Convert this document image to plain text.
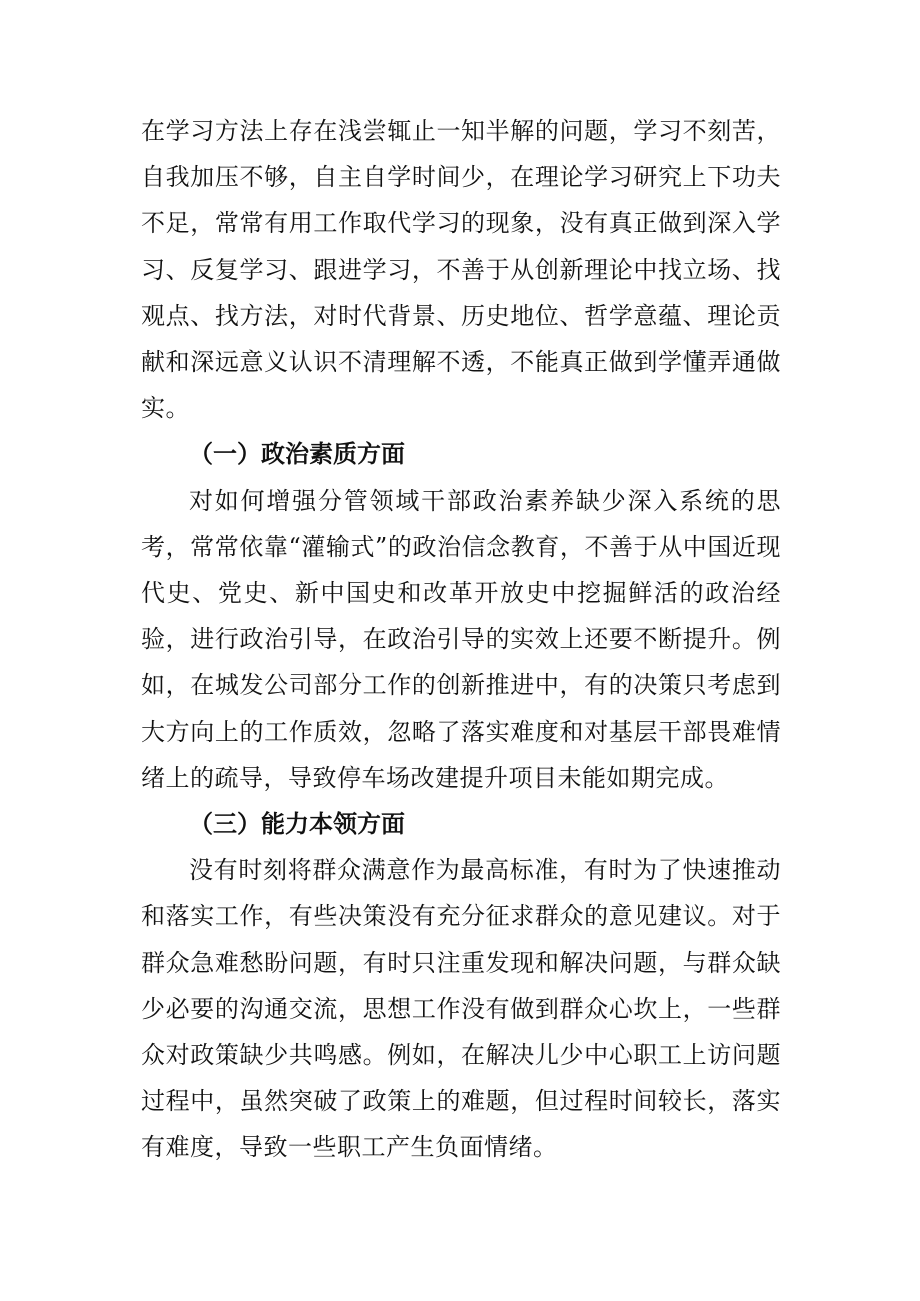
在学习方法上存在浅尝辄止一知半解的问题，学习不刻苦，自我加压不够，自主自学时间少，在理论学习研究上下功夫不足，常常有用工作取代学习的现象，没有真正做到深入学习、反复学习、跟进学习，不善于从创新理论中找立场、找观点、找方法，对时代背景、历史地位、哲学意蕴、理论贡献和深远意义认识不清理解不透，不能真正做到学懂弄通做实。

（一）政治素质方面

对如何增强分管领域干部政治素养缺少深入系统的思考，常常依靠“灌输式”的政治信念教育，不善于从中国近现代史、党史、新中国史和改革开放史中挖掘鲜活的政治经验，进行政治引导，在政治引导的实效上还要不断提升。例如，在城发公司部分工作的创新推进中，有的决策只考虑到大方向上的工作质效，忽略了落实难度和对基层干部畏难情绪上的疏导，导致停车场改建提升项目未能如期完成。

（三）能力本领方面

没有时刻将群众满意作为最高标准，有时为了快速推动和落实工作，有些决策没有充分征求群众的意见建议。对于群众急难愁盼问题，有时只注重发现和解决问题，与群众缺少必要的沟通交流，思想工作没有做到群众心坎上，一些群众对政策缺少共鸣感。例如，在解决儿少中心职工上访问题过程中，虽然突破了政策上的难题，但过程时间较长，落实有难度，导致一些职工产生负面情绪。
